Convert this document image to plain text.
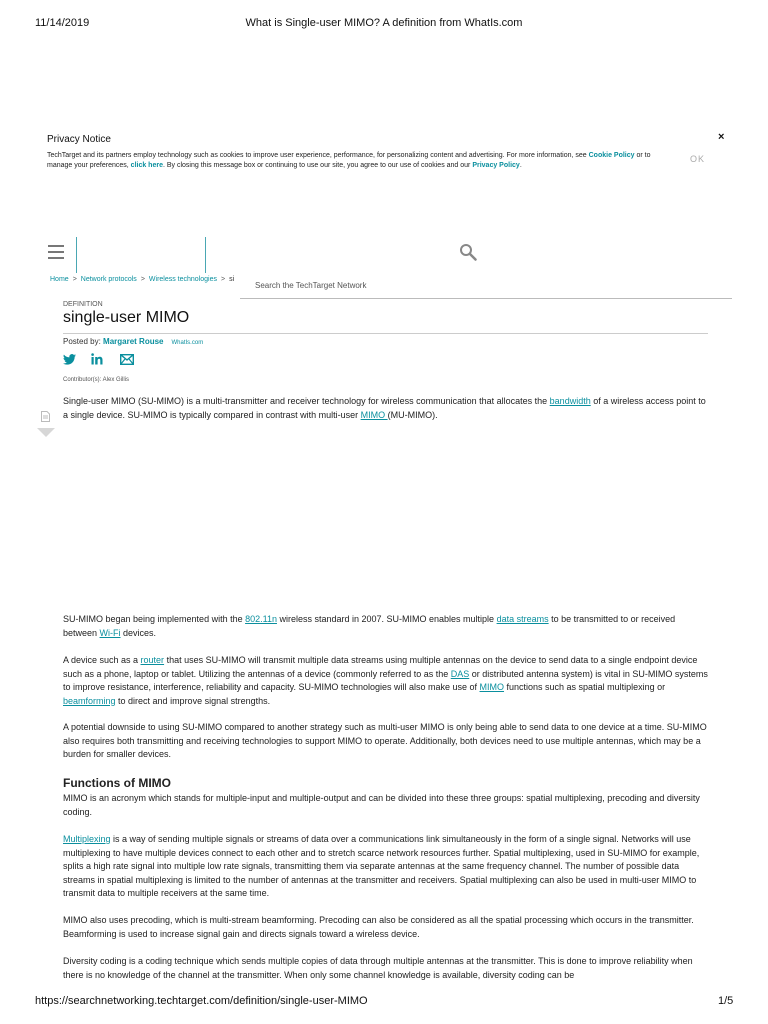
11/14/2019	What is Single-user MIMO? A definition from WhatIs.com
Privacy Notice	×
TechTarget and its partners employ technology such as cookies to improve user experience, performance, for personalizing content and advertising. For more information, see Cookie Policy or to manage your preferences, click here. By closing this message box or continuing to use our site, you agree to our use of cookies and our Privacy Policy.
OK
Search the TechTarget Network
Home > Network protocols > Wireless technologies > si
DEFINITION
single-user MIMO
Posted by: Margaret Rouse WhatIs.com

Contributor(s): Alex Gillis

Single-user MIMO (SU-MIMO) is a multi-transmitter and receiver technology for wireless communication that allocates the bandwidth of a wireless access point to a single device. SU-MIMO is typically compared in contrast with multi-user MIMO (MU-MIMO).

SU-MIMO began being implemented with the 802.11n wireless standard in 2007. SU-MIMO enables multiple data streams to be transmitted to or received between Wi-Fi devices.

A device such as a router that uses SU-MIMO will transmit multiple data streams using multiple antennas on the device to send data to a single endpoint device such as a phone, laptop or tablet. Utilizing the antennas of a device (commonly referred to as the DAS or distributed antenna system) is vital in SU-MIMO systems to improve resistance, interference, reliability and capacity. SU-MIMO technologies will also make use of MIMO functions such as spatial multiplexing or beamforming to direct and improve signal strengths.

A potential downside to using SU-MIMO compared to another strategy such as multi-user MIMO is only being able to send data to one device at a time. SU-MIMO also requires both transmitting and receiving technologies to support MIMO to operate. Additionally, both devices need to use multiple antennas, which may be a burden for smaller devices.

Functions of MIMO

MIMO is an acronym which stands for multiple-input and multiple-output and can be divided into these three groups: spatial multiplexing, precoding and diversity coding.

Multiplexing is a way of sending multiple signals or streams of data over a communications link simultaneously in the form of a single signal. Networks will use multiplexing to have multiple devices connect to each other and to stretch scarce network resources further. Spatial multiplexing, used in SU-MIMO for example, splits a high rate signal into multiple low rate signals, transmitting them via separate antennas at the same frequency channel. The number of possible data streams in spatial multiplexing is limited to the number of antennas at the transmitter and receivers. Spatial multiplexing can also be used in multi-user MIMO to transmit data to multiple receivers at the same time.

MIMO also uses precoding, which is multi-stream beamforming. Precoding can also be considered as all the spatial processing which occurs in the transmitter. Beamforming is used to increase signal gain and directs signals toward a wireless device.

Diversity coding is a coding technique which sends multiple copies of data through multiple antennas at the transmitter. This is done to improve reliability when there is no knowledge of the channel at the transmitter. When only some channel knowledge is available, diversity coding can be

https://searchnetworking.techtarget.com/definition/single-user-MIMO	1/5
